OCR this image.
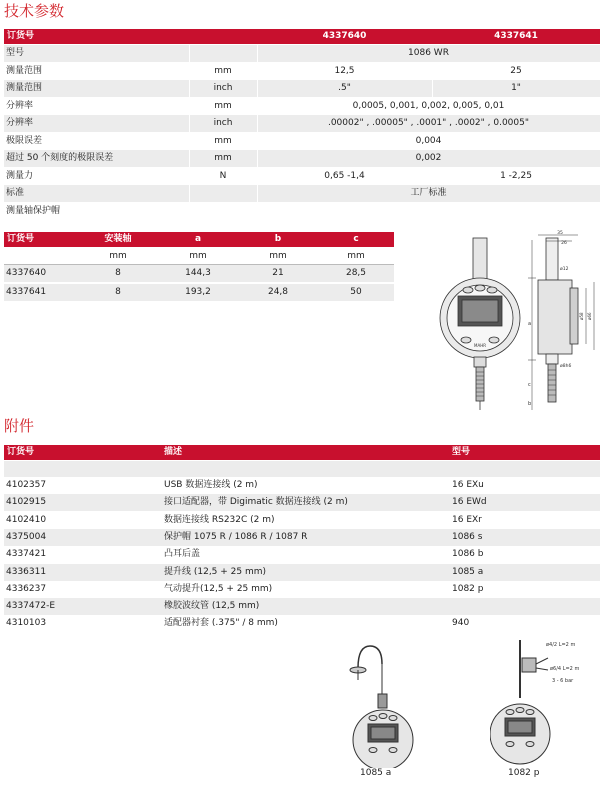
技术参数
订货号	4337640	4337641
型号	1086 WR
测量范围	mm	12,5	25
测量范围	inch	.5"	1"
分辨率	mm	0,0005, 0,001, 0,002, 0,005, 0,01
分辨率	inch	.00002" , .00005" , .0001" , .0002" , 0.0005"
极限误差	mm	0,004
超过 50 个刻度的极限误差	mm	0,002
测量力	N	0,65 -1,4	1 -2,25
标准	工厂标准
测量轴保护帽
订货号	安装轴	a	b	c
mm	mm	mm	mm
4337640	8	144,3	21	28,5
4337641	8	193,2	24,8	50
MAHR
35
26
ø12
ø8h6
a
c
b
ø58 ø66
附件
订货号	描述	型号
4102357	USB 数据连接线 (2 m)	16 EXu
4102915	接口适配器，带 Digimatic 数据连接线 (2 m)	16 EWd
4102410	数据连接线 RS232C (2 m)	16 EXr
4375004	保护帽 1075 R / 1086 R / 1087 R	1086 s
4337421	凸耳后盖	1086 b
4336311	提升线 (12,5 + 25 mm)	1085 a
4336237	气动提升(12,5 + 25 mm)	1082 p
4337472-E	橡胶波纹管 (12,5 mm)
4310103	适配器衬套 (.375" / 8 mm)	940
1085 a
ø4/2 L=2 m
ø6/4 L=2 m
3 - 6 bar
1082 p
